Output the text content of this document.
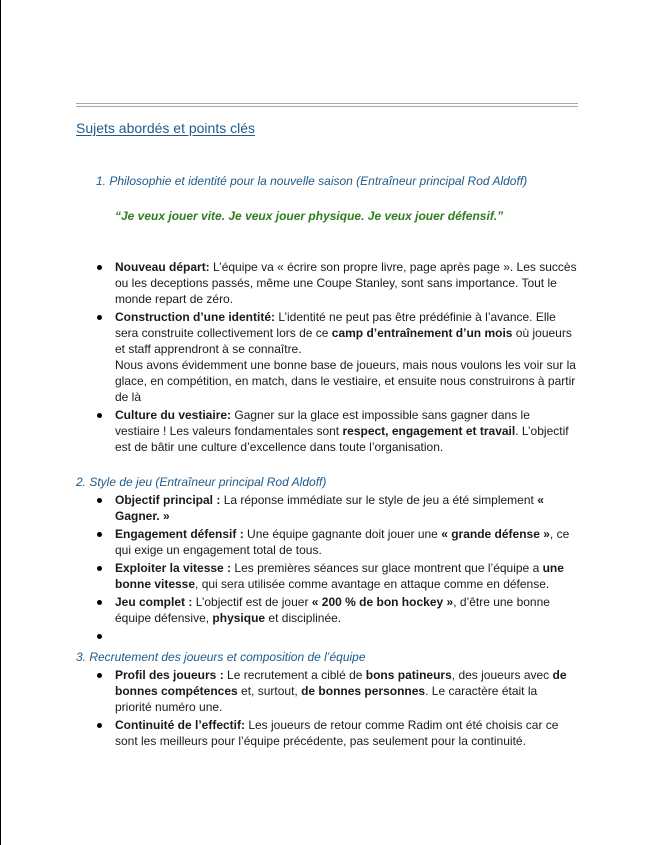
Sujets abordés et points clés
1. Philosophie et identité pour la nouvelle saison (Entraîneur principal Rod Aldoff)
“Je veux jouer vite. Je veux jouer physique. Je veux jouer défensif.”
Nouveau départ: L’équipe va « écrire son propre livre, page après page ». Les succès ou les deceptions passés, même une Coupe Stanley, sont sans importance. Tout le monde repart de zéro.
Construction d’une identité: L’identité ne peut pas être prédéfinie à l’avance. Elle sera construite collectivement lors de ce camp d’entraînement d’un mois où joueurs et staff apprendront à se connaître.
Nous avons évidemment une bonne base de joueurs, mais nous voulons les voir sur la glace, en compétition, en match, dans le vestiaire, et ensuite nous construirons à partir de là
Culture du vestiaire: Gagner sur la glace est impossible sans gagner dans le vestiaire ! Les valeurs fondamentales sont respect, engagement et travail. L’objectif est de bâtir une culture d’excellence dans toute l’organisation.
2. Style de jeu (Entraîneur principal Rod Aldoff)
Objectif principal : La réponse immédiate sur le style de jeu a été simplement « Gagner. »
Engagement défensif : Une équipe gagnante doit jouer une « grande défense », ce qui exige un engagement total de tous.
Exploiter la vitesse : Les premières séances sur glace montrent que l’équipe a une bonne vitesse, qui sera utilisée comme avantage en attaque comme en défense.
Jeu complet : L’objectif est de jouer « 200 % de bon hockey », d’être une bonne équipe défensive, physique et disciplinée.

3. Recrutement des joueurs et composition de l’équipe
Profil des joueurs : Le recrutement a ciblé de bons patineurs, des joueurs avec de bonnes compétences et, surtout, de bonnes personnes. Le caractère était la priorité numéro une.
Continuité de l’effectif: Les joueurs de retour comme Radim ont été choisis car ce sont les meilleurs pour l’équipe précédente, pas seulement pour la continuité.
